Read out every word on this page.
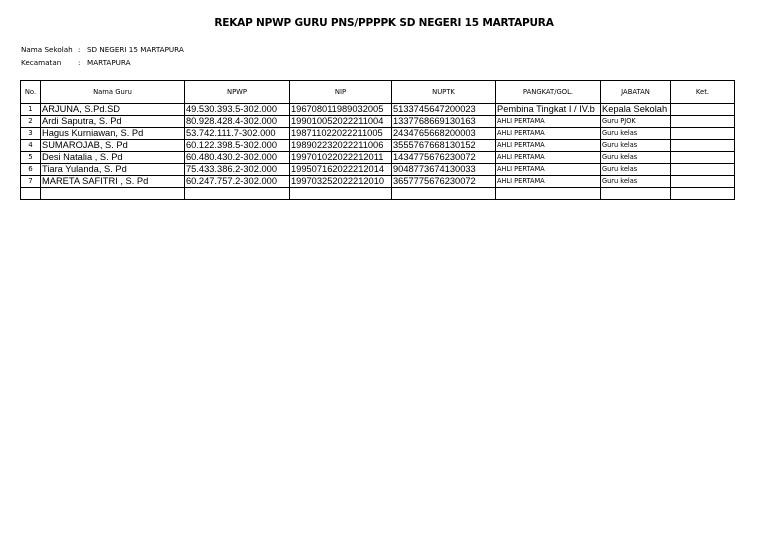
REKAP NPWP GURU PNS/PPPPK SD NEGERI 15 MARTAPURA
Nama Sekolah : SD NEGERI 15 MARTAPURA
Kecamatan : MARTAPURA
No.	Nama Guru	NPWP	NIP	NUPTK	PANGKAT/GOL.	JABATAN	Ket.
1	ARJUNA, S.Pd.SD	49.530.393.5-302.000	196708011989032005	5133745647200023	Pembina Tingkat I / IV.b	Kepala Sekolah	
2	Ardi Saputra, S. Pd	80.928.428.4-302.000	199010052022211004	1337768669130163	AHLI PERTAMA	Guru PJOK	
3	Hagus Kurniawan, S. Pd	53.742.111.7-302.000	198711022022211005	2434765668200003	AHLI PERTAMA	Guru kelas	
4	SUMAROJAB, S. Pd	60.122.398.5-302.000	198902232022211006	3555767668130152	AHLI PERTAMA	Guru kelas	
5	Desi Natalia , S. Pd	60.480.430.2-302.000	199701022022212011	1434775676230072	AHLI PERTAMA	Guru kelas	
6	Tiara Yulanda, S. Pd	75.433.386.2-302.000	199507162022212014	9048773674130033	AHLI PERTAMA	Guru kelas	
7	MARETA SAFITRI , S. Pd	60.247.757.2-302.000	199703252022212010	3657775676230072	AHLI PERTAMA	Guru kelas	
